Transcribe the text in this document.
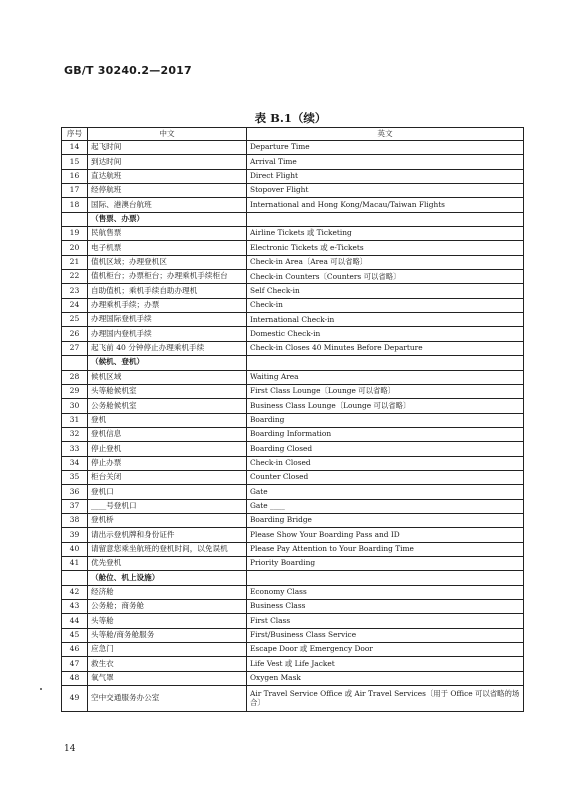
GB/T 30240.2—2017
表 B.1（续）
序号	中文	英文
14	起飞时间	Departure Time
15	到达时间	Arrival Time
16	直达航班	Direct Flight
17	经停航班	Stopover Flight
18	国际、港澳台航班	International and Hong Kong/Macau/Taiwan Flights
	（售票、办票）	
19	民航售票	Airline Tickets 或 Ticketing
20	电子机票	Electronic Tickets 或 e-Tickets
21	值机区域；办理登机区	Check-in Area〔Area 可以省略〕
22	值机柜台；办票柜台；办理乘机手续柜台	Check-in Counters〔Counters 可以省略〕
23	自助值机；乘机手续自助办理机	Self Check-in
24	办理乘机手续；办票	Check-in
25	办理国际登机手续	International Check-in
26	办理国内登机手续	Domestic Check-in
27	起飞前 40 分钟停止办理乘机手续	Check-in Closes 40 Minutes Before Departure
	（候机、登机）	
28	候机区域	Waiting Area
29	头等舱候机室	First Class Lounge〔Lounge 可以省略〕
30	公务舱候机室	Business Class Lounge〔Lounge 可以省略〕
31	登机	Boarding
32	登机信息	Boarding Information
33	停止登机	Boarding Closed
34	停止办票	Check-in Closed
35	柜台关闭	Counter Closed
36	登机口	Gate
37	____号登机口	Gate ____
38	登机桥	Boarding Bridge
39	请出示登机牌和身份证件	Please Show Your Boarding Pass and ID
40	请留意您乘坐航班的登机时间，以免误机	Please Pay Attention to Your Boarding Time
41	优先登机	Priority Boarding
	（舱位、机上设施）	
42	经济舱	Economy Class
43	公务舱；商务舱	Business Class
44	头等舱	First Class
45	头等舱/商务舱服务	First/Business Class Service
46	应急门	Escape Door 或 Emergency Door
47	救生衣	Life Vest 或 Life Jacket
48	氧气罩	Oxygen Mask
49	空中交通服务办公室	Air Travel Service Office 或 Air Travel Services〔用于 Office 可以省略的场合〕
14
